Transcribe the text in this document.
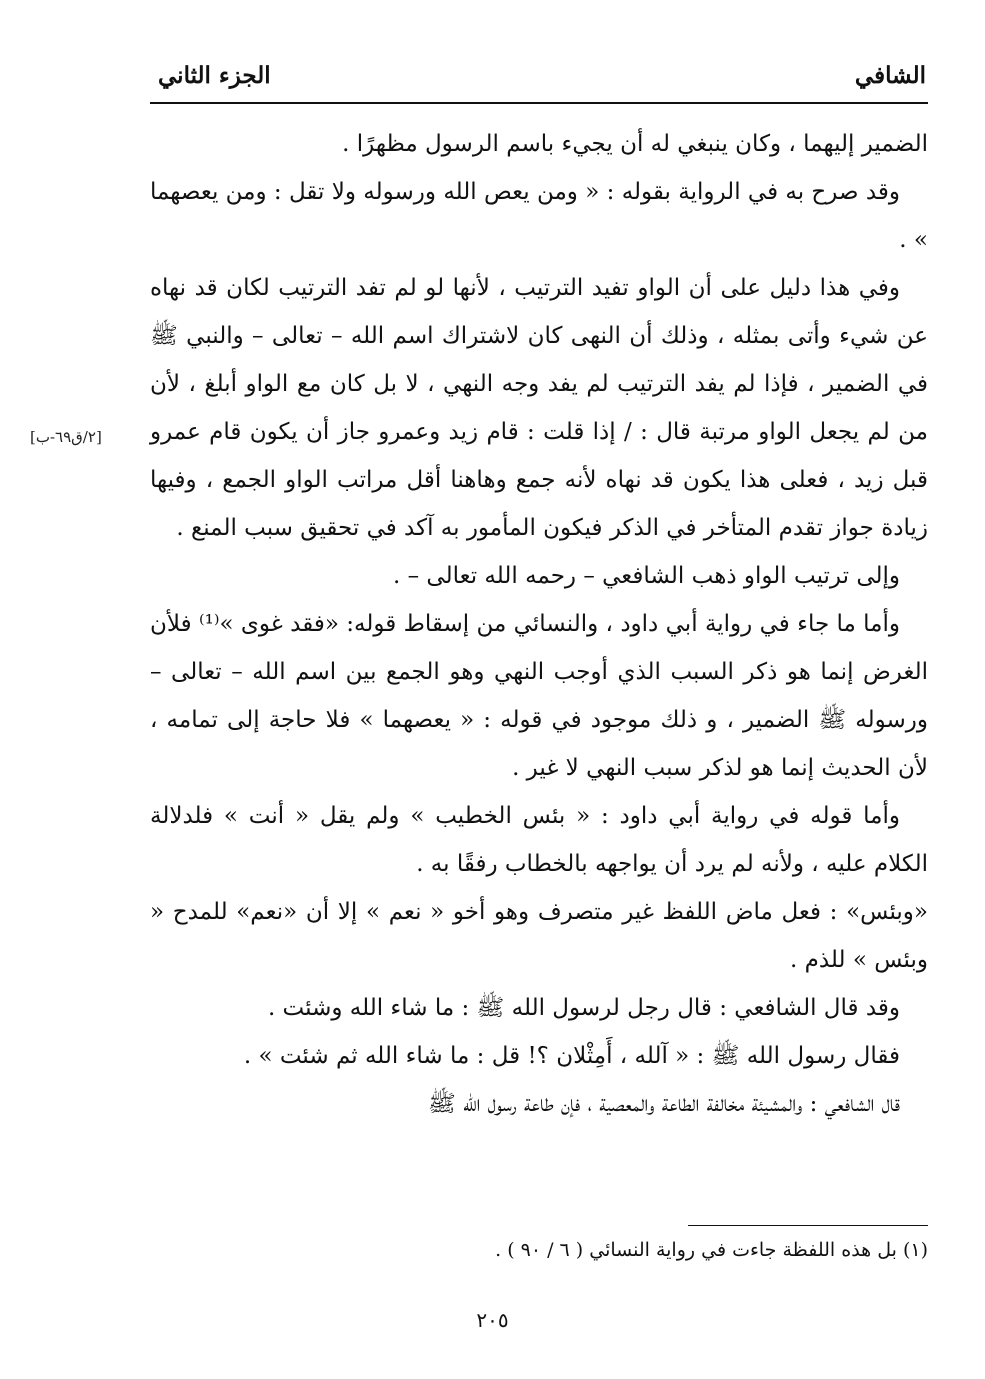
الشافي
الجزء الثاني
[٢/ق٦٩-ب]

الضمير إليهما ، وكان ينبغي له أن يجيء باسم الرسول مظهرًا .

وقد صرح به في الرواية بقوله : « ومن يعص الله ورسوله ولا تقل : ومن يعصهما » .

وفي هذا دليل على أن الواو تفيد الترتيب ، لأنها لو لم تفد الترتيب لكان قد نهاه عن شيء وأتى بمثله ، وذلك أن النهى كان لاشتراك اسم الله – تعالى – والنبي ﷺ في الضمير ، فإذا لم يفد الترتيب لم يفد وجه النهي ، لا بل كان مع الواو أبلغ ، لأن من لم يجعل الواو مرتبة قال : / إذا قلت : قام زيد وعمرو جاز أن يكون قام عمرو قبل زيد ، فعلى هذا يكون قد نهاه لأنه جمع وهاهنا أقل مراتب الواو الجمع ، وفيها زيادة جواز تقدم المتأخر في الذكر فيكون المأمور به آكد في تحقيق سبب المنع .

وإلى ترتيب الواو ذهب الشافعي – رحمه الله تعالى – .

وأما ما جاء في رواية أبي داود ، والنسائي من إسقاط قوله: «فقد غوى »⁽¹⁾ فلأن الغرض إنما هو ذكر السبب الذي أوجب النهي وهو الجمع بين اسم الله – تعالى – ورسوله ﷺ الضمير ، و ذلك موجود في قوله : « يعصهما » فلا حاجة إلى تمامه ، لأن الحديث إنما هو لذكر سبب النهي لا غير .

وأما قوله في رواية أبي داود : « بئس الخطيب » ولم يقل « أنت » فلدلالة الكلام عليه ، ولأنه لم يرد أن يواجهه بالخطاب رفقًا به .

«وبئس» : فعل ماض اللفظ غير متصرف وهو أخو « نعم » إلا أن «نعم» للمدح « وبئس » للذم .

وقد قال الشافعي : قال رجل لرسول الله ﷺ : ما شاء الله وشئت .

فقال رسول الله ﷺ : « آلله ، أَمِثْلان ؟! قل : ما شاء الله ثم شئت » .

قال الشافعي : والمشيئة مخالفة الطاعة والمعصية ، فإن طاعة رسول الله ﷺ

(١) بل هذه اللفظة جاءت في رواية النسائي ( ٦ / ٩٠ ) .
٢٠٥
